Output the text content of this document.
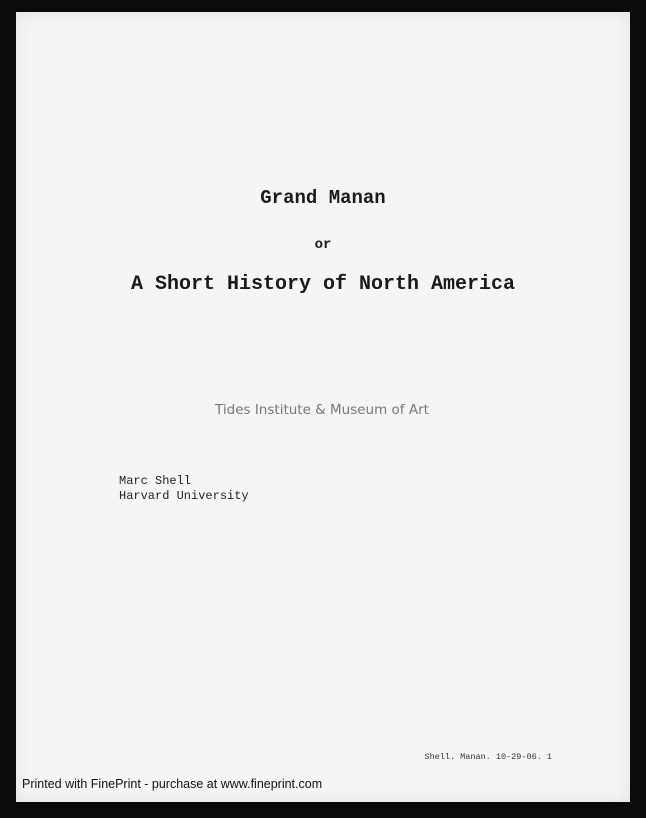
Grand Manan
or
A Short History of North America
Tides Institute & Museum of Art
Marc Shell
Harvard University
Shell. Manan. 10-29-06. 1
Printed with FinePrint - purchase at www.fineprint.com
